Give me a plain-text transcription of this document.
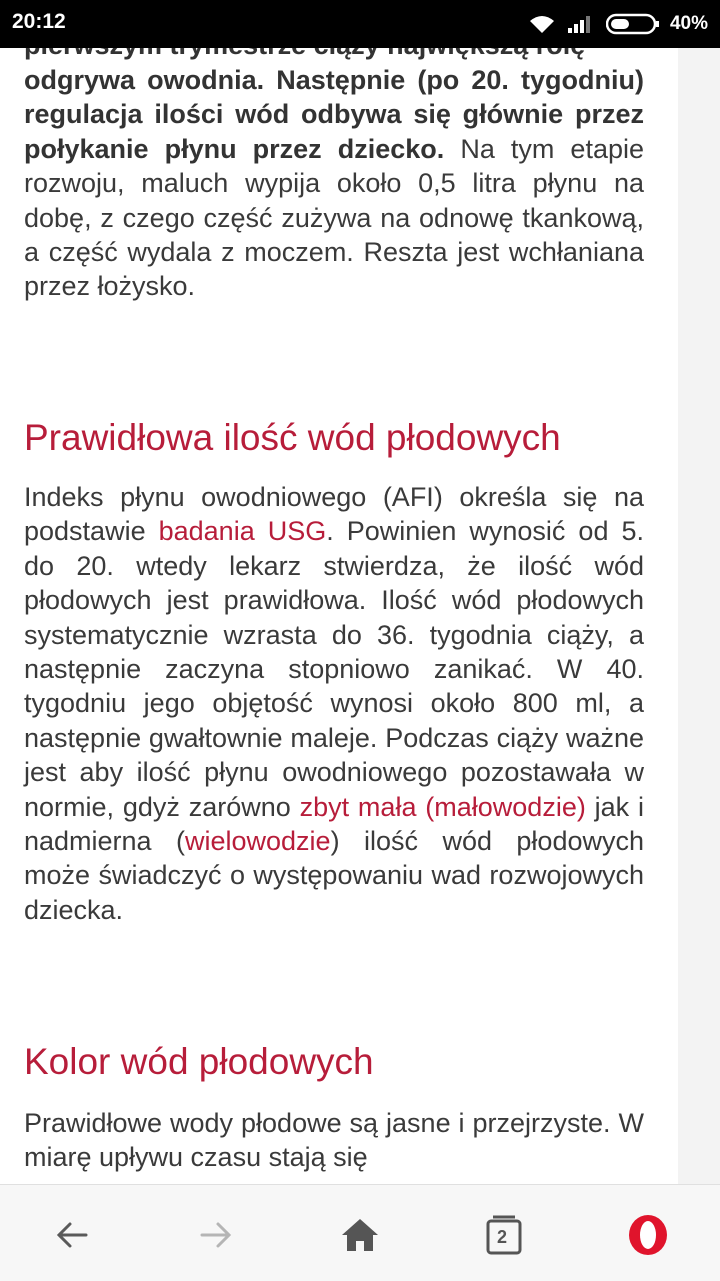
odgrywa owodnia. Następnie (po 20. tygodniu) regulacja ilości wód odbywa się głównie przez połykanie płynu przez dziecko. Na tym etapie rozwoju, maluch wypija około 0,5 litra płynu na dobę, z czego część zużywa na odnowę tkankową, a część wydala z moczem. Reszta jest wchłaniana przez łożysko.

Prawidłowa ilość wód płodowych

Indeks płynu owodniowego (AFI) określa się na podstawie badania USG. Powinien wynosić od 5. do 20. wtedy lekarz stwierdza, że ilość wód płodowych jest prawidłowa. Ilość wód płodowych systematycznie wzrasta do 36. tygodnia ciąży, a następnie zaczyna stopniowo zanikać. W 40. tygodniu jego objętość wynosi około 800 ml, a następnie gwałtownie maleje. Podczas ciąży ważne jest aby ilość płynu owodniowego pozostawała w normie, gdyż zarówno zbyt mała (małowodzie) jak i nadmierna (wielowodzie) ilość wód płodowych może świadczyć o występowaniu wad rozwojowych dziecka.

Kolor wód płodowych

Prawidłowe wody płodowe są jasne i przejrzyste. W miarę upływu czasu stają się

20:12	40%
2
